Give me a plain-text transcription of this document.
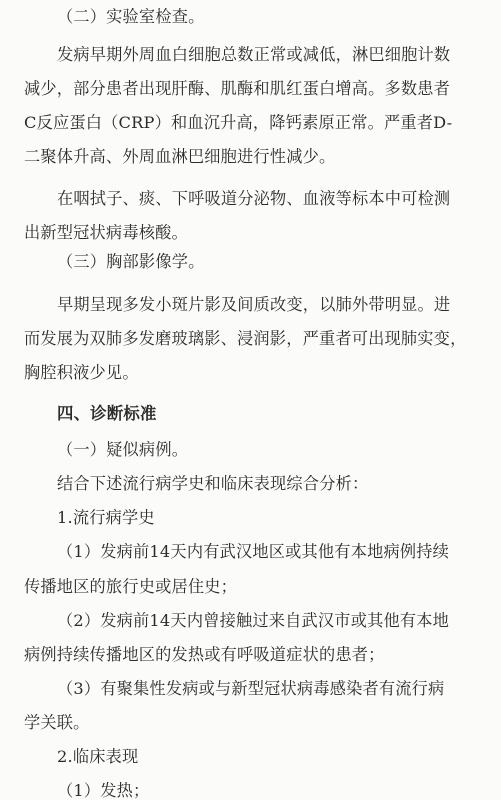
（二）实验室检查。
发病早期外周血白细胞总数正常或减低，淋巴细胞计数
减少，部分患者出现肝酶、肌酶和肌红蛋白增高。多数患者
C反应蛋白（CRP）和血沉升高，降钙素原正常。严重者D-
二聚体升高、外周血淋巴细胞进行性减少。
在咽拭子、痰、下呼吸道分泌物、血液等标本中可检测
出新型冠状病毒核酸。
（三）胸部影像学。
早期呈现多发小斑片影及间质改变，以肺外带明显。进
而发展为双肺多发磨玻璃影、浸润影，严重者可出现肺实变，
胸腔积液少见。
四、诊断标准
（一）疑似病例。
结合下述流行病学史和临床表现综合分析：
1.流行病学史
（1）发病前14天内有武汉地区或其他有本地病例持续
传播地区的旅行史或居住史；
（2）发病前14天内曾接触过来自武汉市或其他有本地
病例持续传播地区的发热或有呼吸道症状的患者；
（3）有聚集性发病或与新型冠状病毒感染者有流行病
学关联。
2.临床表现
（1）发热；
